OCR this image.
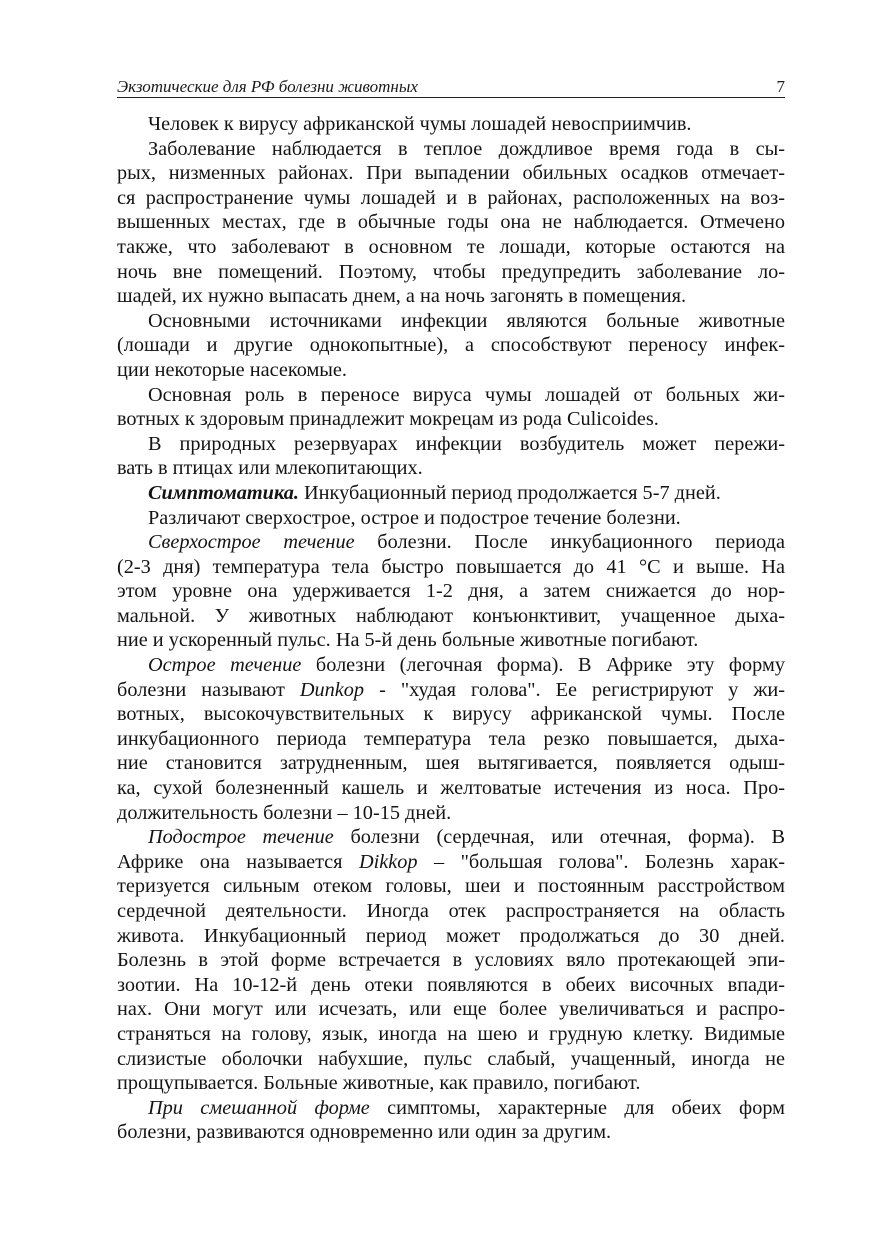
Экзотические для РФ болезни животных	7
Человек к вирусу африканской чумы лошадей невосприимчив.
Заболевание наблюдается в теплое дождливое время года в сы-
рых, низменных районах. При выпадении обильных осадков отмечает-
ся распространение чумы лошадей и в районах, расположенных на воз-
вышенных местах, где в обычные годы она не наблюдается. Отмечено
также, что заболевают в основном те лошади, которые остаются на
ночь вне помещений. Поэтому, чтобы предупредить заболевание ло-
шадей, их нужно выпасать днем, а на ночь загонять в помещения.
Основными источниками инфекции являются больные животные
(лошади и другие однокопытные), а способствуют переносу инфек-
ции некоторые насекомые.
Основная роль в переносе вируса чумы лошадей от больных жи-
вотных к здоровым принадлежит мокрецам из рода Culicoides.
В природных резервуарах инфекции возбудитель может пережи-
вать в птицах или млекопитающих.
Симптоматика. Инкубационный период продолжается 5-7 дней.
Различают сверхострое, острое и подострое течение болезни.
Сверхострое течение болезни. После инкубационного периода
(2-3 дня) температура тела быстро повышается до 41 °C и выше. На
этом уровне она удерживается 1-2 дня, а затем снижается до нор-
мальной. У животных наблюдают конъюнктивит, учащенное дыха-
ние и ускоренный пульс. На 5-й день больные животные погибают.
Острое течение болезни (легочная форма). В Африке эту форму
болезни называют Dunkop - "худая голова". Ее регистрируют у жи-
вотных, высокочувствительных к вирусу африканской чумы. После
инкубационного периода температура тела резко повышается, дыха-
ние становится затрудненным, шея вытягивается, появляется одыш-
ка, сухой болезненный кашель и желтоватые истечения из носа. Про-
должительность болезни – 10-15 дней.
Подострое течение болезни (сердечная, или отечная, форма). В
Африке она называется Dikkop – "большая голова". Болезнь харак-
теризуется сильным отеком головы, шеи и постоянным расстройством
сердечной деятельности. Иногда отек распространяется на область
живота. Инкубационный период может продолжаться до 30 дней.
Болезнь в этой форме встречается в условиях вяло протекающей эпи-
зоотии. На 10-12-й день отеки появляются в обеих височных впади-
нах. Они могут или исчезать, или еще более увеличиваться и распро-
страняться на голову, язык, иногда на шею и грудную клетку. Видимые
слизистые оболочки набухшие, пульс слабый, учащенный, иногда не
прощупывается. Больные животные, как правило, погибают.
При смешанной форме симптомы, характерные для обеих форм
болезни, развиваются одновременно или один за другим.
